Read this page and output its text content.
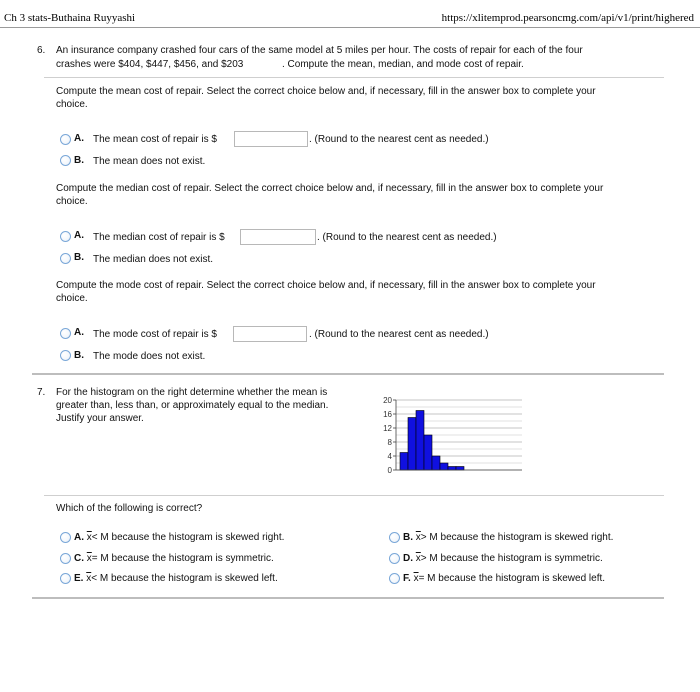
Ch 3 stats-Buthaina Ruyyashi	https://xlitemprod.pearsoncmg.com/api/v1/print/highered
6. An insurance company crashed four cars of the same model at 5 miles per hour. The costs of repair for each of the four
crashes were $404, $447, $456, and $203	. Compute the mean, median, and mode cost of repair.
Compute the mean cost of repair. Select the correct choice below and, if necessary, fill in the answer box to complete your
choice.
A. The mean cost of repair is $	. (Round to the nearest cent as needed.)
B. The mean does not exist.
Compute the median cost of repair. Select the correct choice below and, if necessary, fill in the answer box to complete your
choice.
A. The median cost of repair is $	. (Round to the nearest cent as needed.)
B. The median does not exist.
Compute the mode cost of repair. Select the correct choice below and, if necessary, fill in the answer box to complete your
choice.
A. The mode cost of repair is $	. (Round to the nearest cent as needed.)
B. The mode does not exist.
7. For the histogram on the right determine whether the mean is
greater than, less than, or approximately equal to the median.
Justify your answer.
0
4
8
12
16
20
Which of the following is correct?
A. $\overline{x}< M$ because the histogram is skewed right.	B. $\overline{x}> M$ because the histogram is skewed right.
C. $\overline{x}= M$ because the histogram is symmetric.	D. $\overline{x}> M$ because the histogram is symmetric.
E. $\overline{x}< M$ because the histogram is skewed left.	F. $\overline{x}= M$ because the histogram is skewed left.
